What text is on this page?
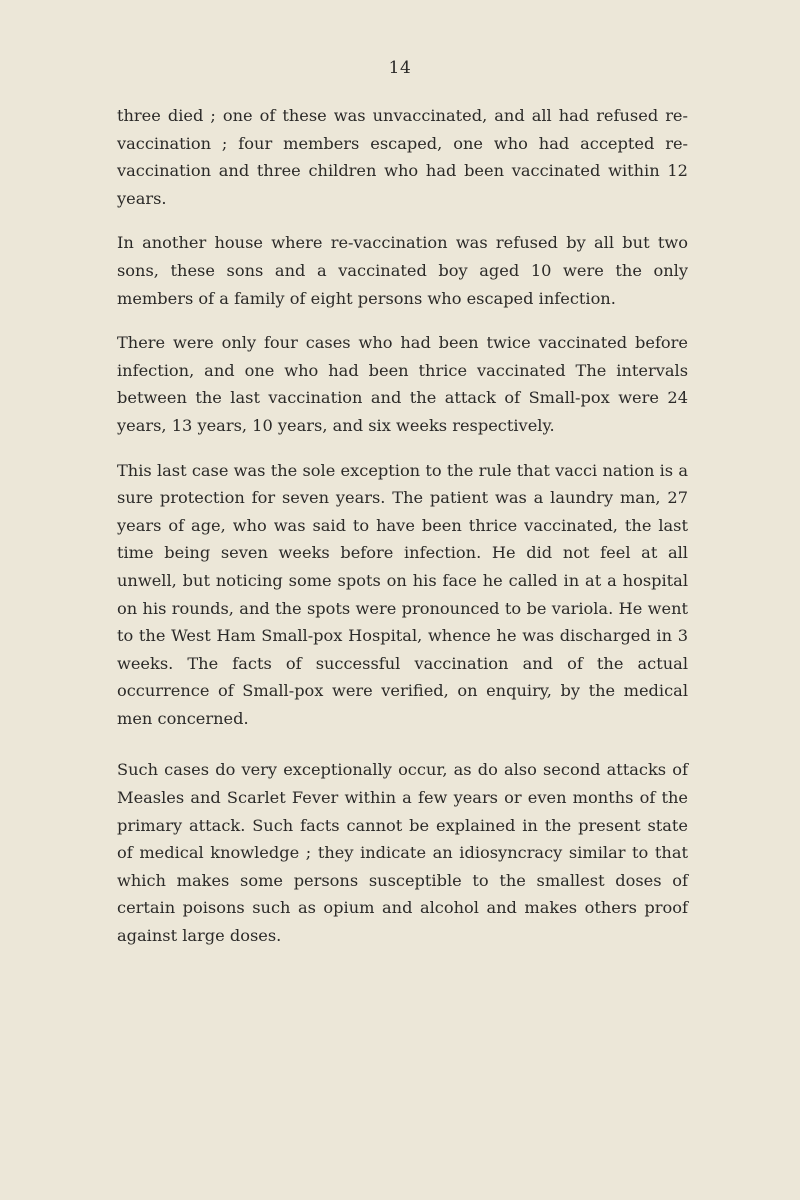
14

three died ; one of these was unvaccinated, and all had refused re-vaccination ; four members escaped, one who had accepted re-vaccination and three children who had been vaccinated within 12 years.

In another house where re-vaccination was refused by all but two sons, these sons and a vaccinated boy aged 10 were the only members of a family of eight persons who escaped infection.

There were only four cases who had been twice vaccinated before infection, and one who had been thrice vaccinated The intervals between the last vaccination and the attack of Small-pox were 24 years, 13 years, 10 years, and six weeks respectively.

This last case was the sole exception to the rule that vacci nation is a sure protection for seven years. The patient was a laundry man, 27 years of age, who was said to have been thrice vaccinated, the last time being seven weeks before infection. He did not feel at all unwell, but noticing some spots on his face he called in at a hospital on his rounds, and the spots were pronounced to be variola. He went to the West Ham Small-pox Hospital, whence he was discharged in 3 weeks. The facts of successful vaccination and of the actual occurrence of Small-pox were verified, on enquiry, by the medical men concerned.

Such cases do very exceptionally occur, as do also second attacks of Measles and Scarlet Fever within a few years or even months of the primary attack. Such facts cannot be explained in the present state of medical knowledge ; they indicate an idiosyncracy similar to that which makes some persons susceptible to the smallest doses of certain poisons such as opium and alcohol and makes others proof against large doses.
